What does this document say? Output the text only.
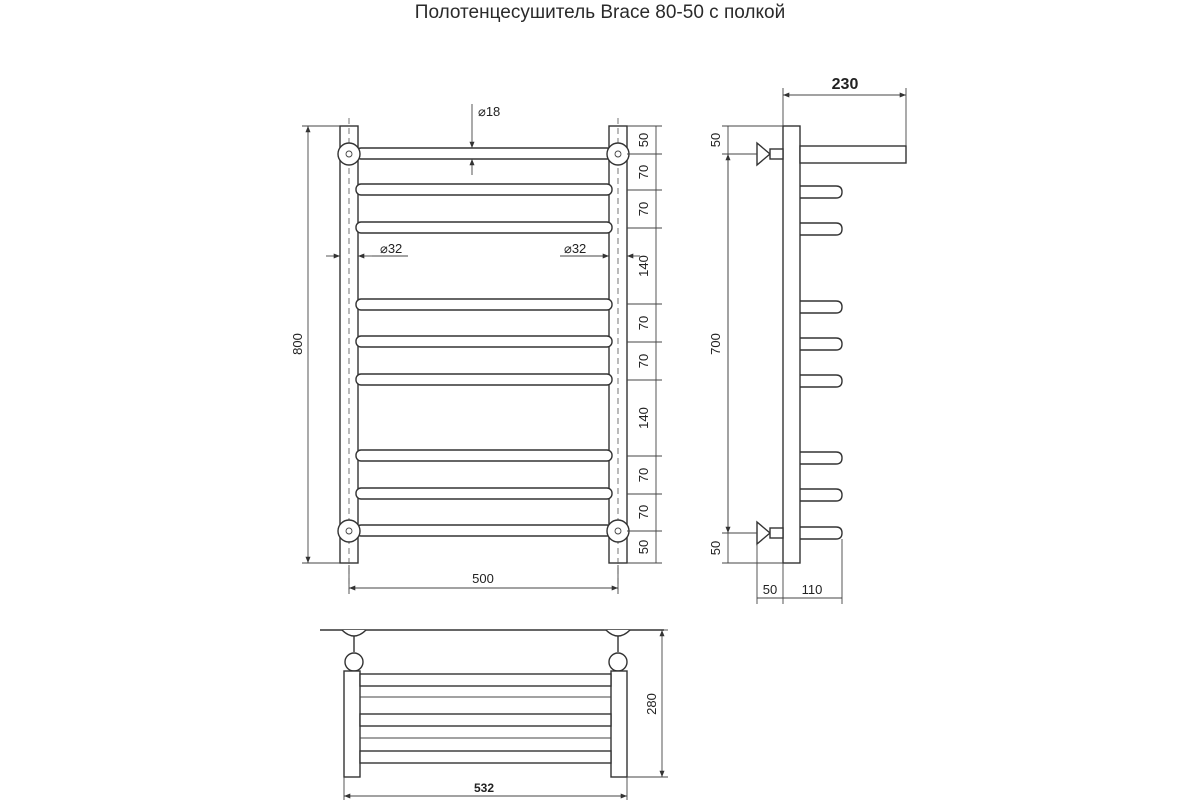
Полотенцесушитель Brace 80-50 с полкой
⌀18
⌀32	⌀32
800
500
50
70
70
140
70
70
140
70
70
50
230
50
700
50
50 110
280
532
